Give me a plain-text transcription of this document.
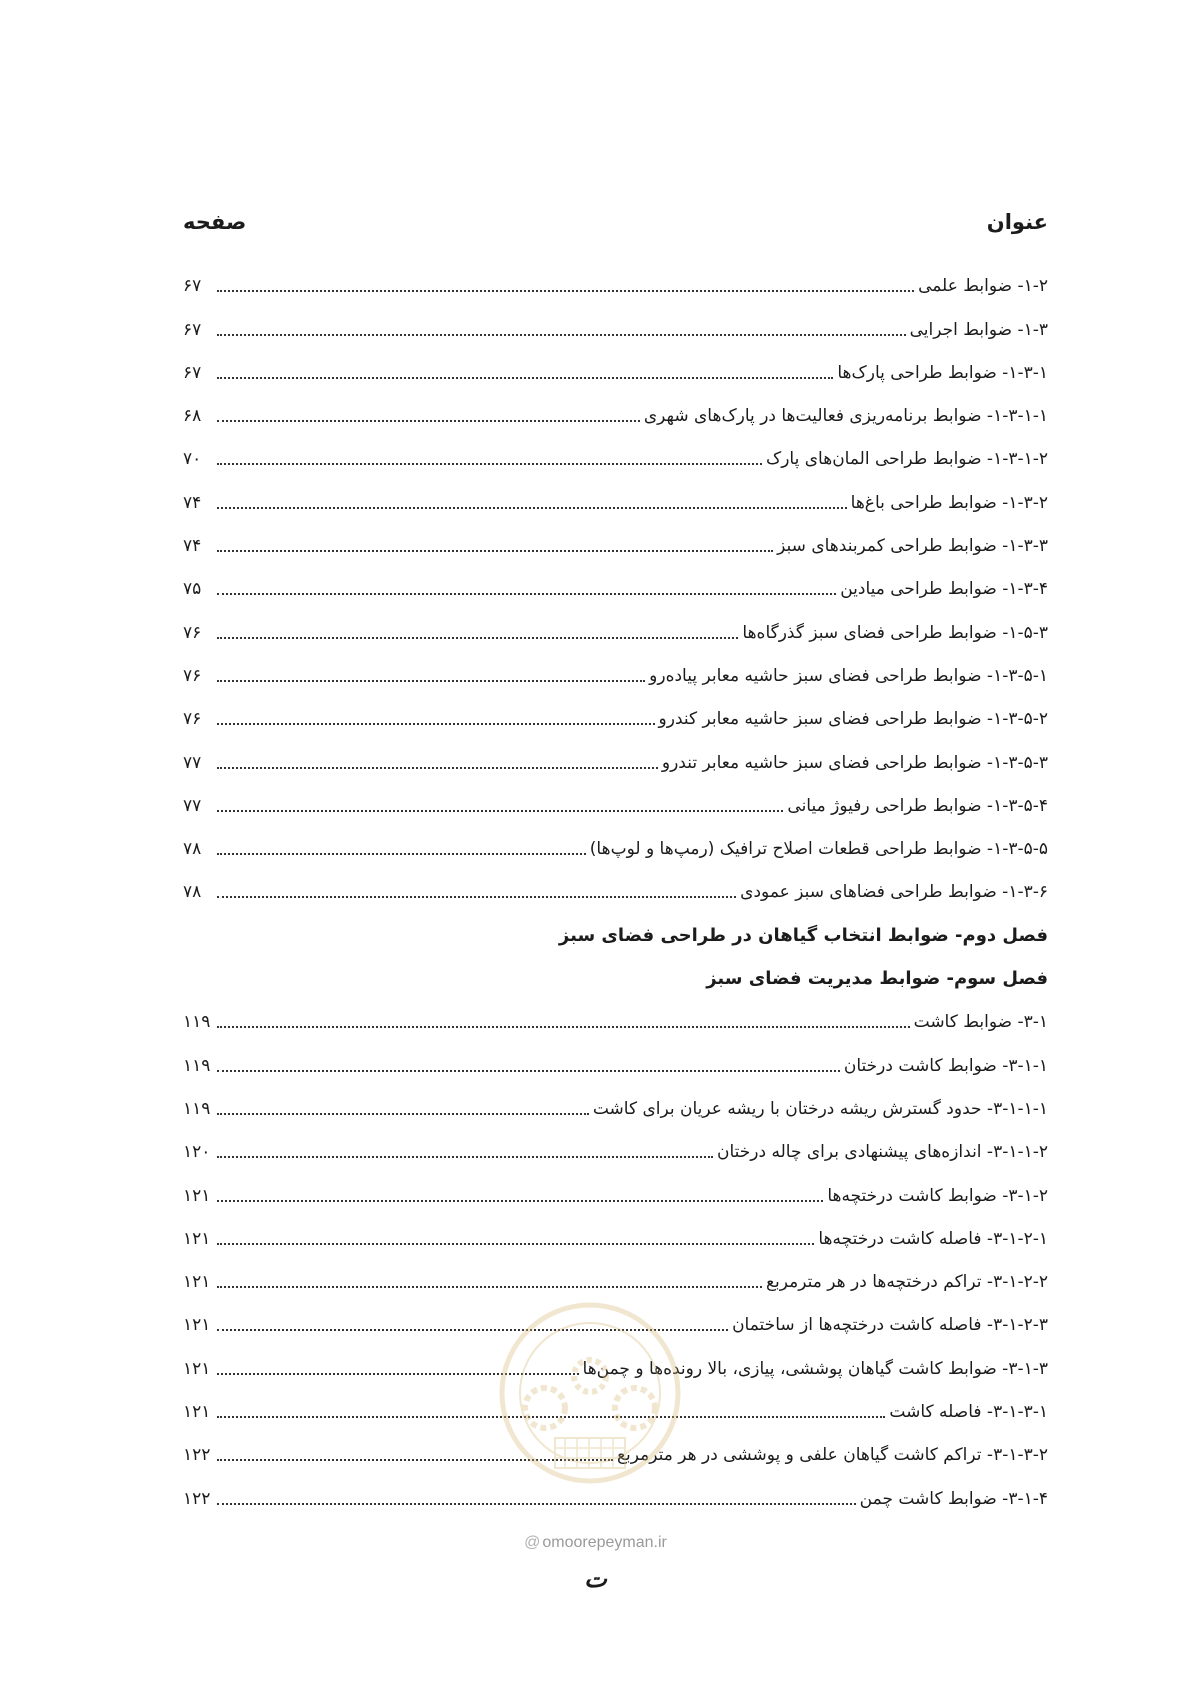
عنوان
صفحه
۱-۲- ضوابط علمی
۶۷
۱-۳- ضوابط اجرایی
۶۷
۱-۳-۱- ضوابط طراحی پارک‌ها
۶۷
۱-۳-۱-۱- ضوابط برنامه‌ریزی فعالیت‌ها در پارک‌های شهری
۶۸
۱-۳-۱-۲- ضوابط طراحی المان‌های پارک
۷۰
۱-۳-۲- ضوابط طراحی باغ‌ها
۷۴
۱-۳-۳- ضوابط طراحی کمربندهای سبز
۷۴
۱-۳-۴- ضوابط طراحی میادین
۷۵
۱-۵-۳- ضوابط طراحی فضای سبز گذرگاه‌ها
۷۶
۱-۳-۵-۱- ضوابط طراحی فضای سبز حاشیه معابر پیاده‌رو
۷۶
۱-۳-۵-۲- ضوابط طراحی فضای سبز حاشیه معابر کندرو
۷۶
۱-۳-۵-۳- ضوابط طراحی فضای سبز حاشیه معابر تندرو
۷۷
۱-۳-۵-۴- ضوابط طراحی رفیوژ میانی
۷۷
۱-۳-۵-۵- ضوابط طراحی قطعات اصلاح ترافیک (رمپ‌ها و لوپ‌ها)
۷۸
۱-۳-۶- ضوابط طراحی فضاهای سبز عمودی
۷۸
فصل دوم- ضوابط انتخاب گیاهان در طراحی فضای سبز
فصل سوم- ضوابط مدیریت فضای سبز
۳-۱- ضوابط کاشت
۱۱۹
۳-۱-۱- ضوابط کاشت درختان
۱۱۹
۳-۱-۱-۱- حدود گسترش ریشه درختان با ریشه عریان برای کاشت
۱۱۹
۳-۱-۱-۲- اندازه‌های پیشنهادی برای چاله درختان
۱۲۰
۳-۱-۲- ضوابط کاشت درختچه‌ها
۱۲۱
۳-۱-۲-۱- فاصله کاشت درختچه‌ها
۱۲۱
۳-۱-۲-۲- تراکم درختچه‌ها در هر مترمربع
۱۲۱
۳-۱-۲-۳- فاصله کاشت درختچه‌ها از ساختمان
۱۲۱
۳-۱-۳- ضوابط کاشت گیاهان پوششی، پیازی، بالا رونده‌ها و چمن‌ها
۱۲۱
۳-۱-۳-۱- فاصله کاشت
۱۲۱
۳-۱-۳-۲- تراکم کاشت گیاهان علفی و پوششی در هر مترمربع
۱۲۲
۳-۱-۴- ضوابط کاشت چمن
۱۲۲
@ omoorepeyman.ir
ت
